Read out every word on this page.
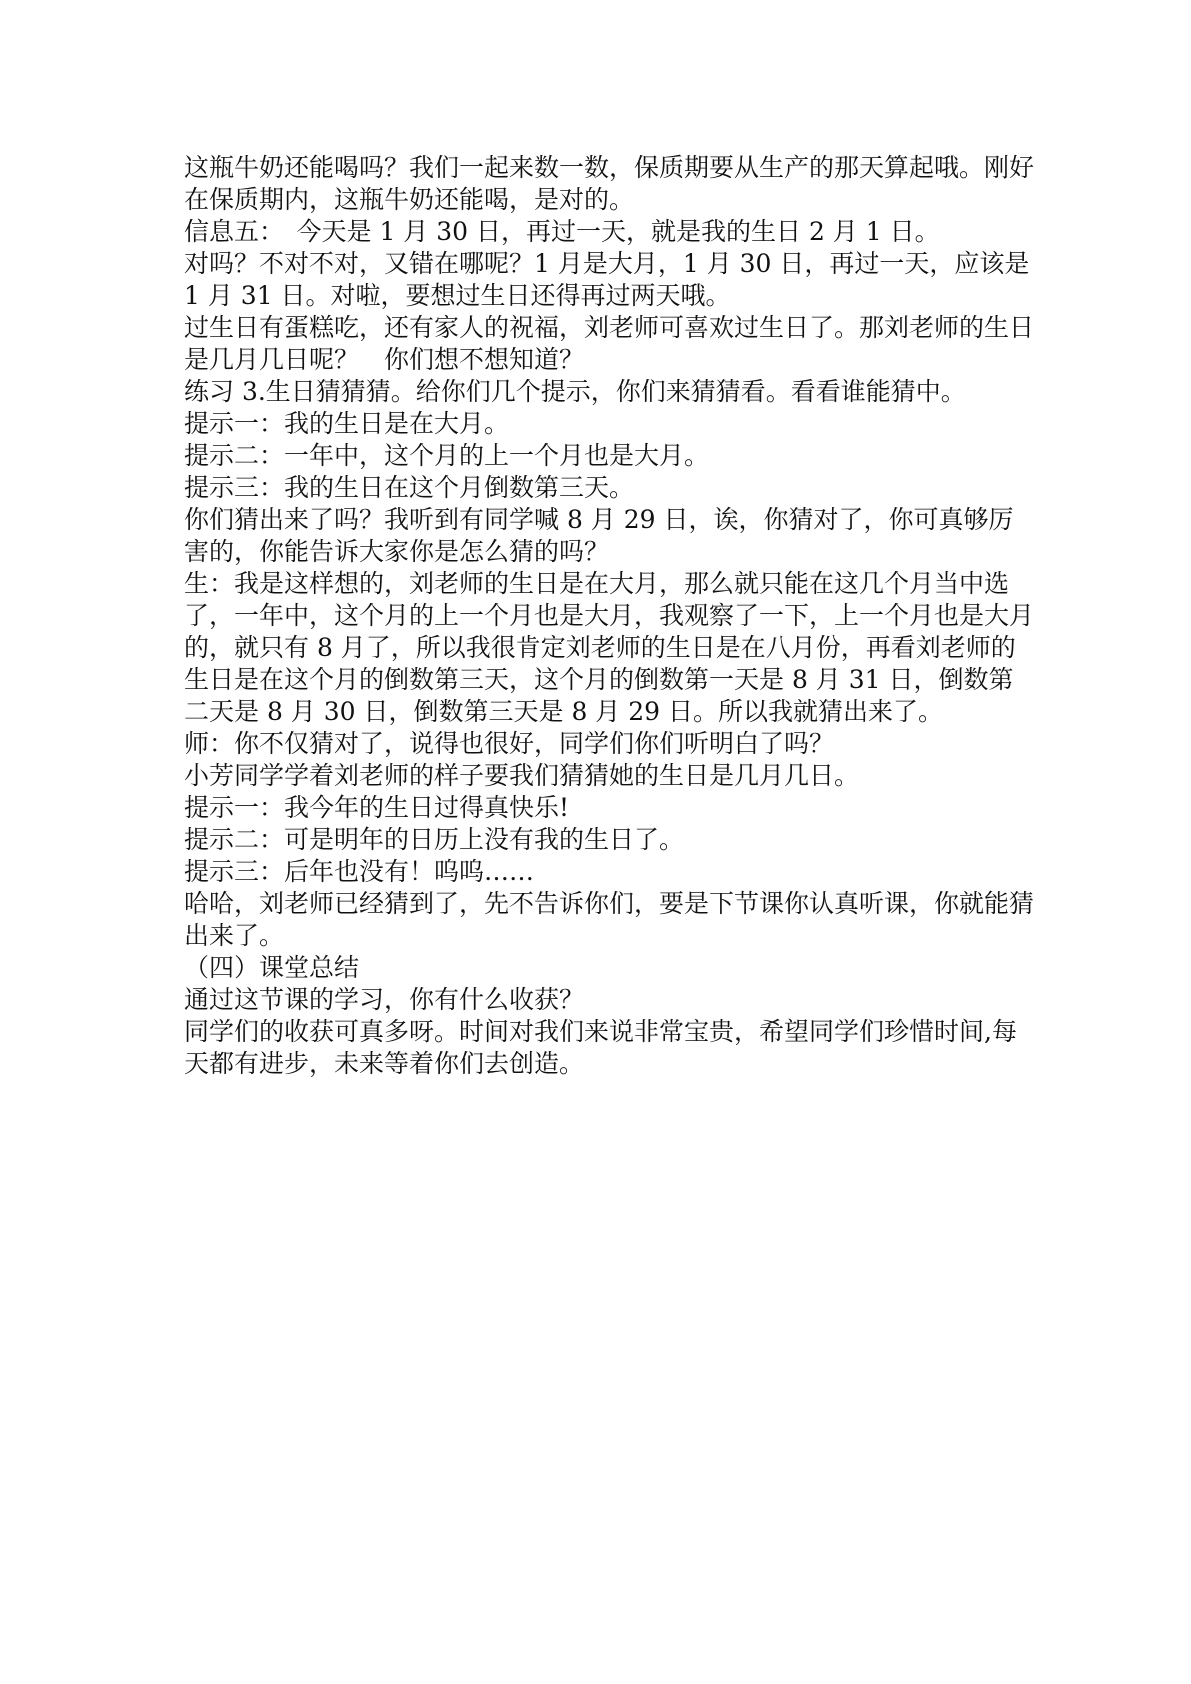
这瓶牛奶还能喝吗？我们一起来数一数，保质期要从生产的那天算起哦。刚好在保质期内，这瓶牛奶还能喝，是对的。

信息五：　今天是 1 月 30 日，再过一天，就是我的生日 2 月 1 日。

对吗？不对不对，又错在哪呢？1 月是大月，1 月 30 日，再过一天，应该是 1 月 31 日。对啦，要想过生日还得再过两天哦。

过生日有蛋糕吃，还有家人的祝福，刘老师可喜欢过生日了。那刘老师的生日是几月几日呢？　你们想不想知道？

练习 3.生日猜猜猜。给你们几个提示，你们来猜猜看。看看谁能猜中。

提示一：我的生日是在大月。

提示二：一年中，这个月的上一个月也是大月。

提示三：我的生日在这个月倒数第三天。

你们猜出来了吗？我听到有同学喊 8 月 29 日，诶，你猜对了，你可真够厉害的，你能告诉大家你是怎么猜的吗？

生：我是这样想的，刘老师的生日是在大月，那么就只能在这几个月当中选了，一年中，这个月的上一个月也是大月，我观察了一下，上一个月也是大月的，就只有 8 月了，所以我很肯定刘老师的生日是在八月份，再看刘老师的生日是在这个月的倒数第三天，这个月的倒数第一天是 8 月 31 日，倒数第二天是 8 月 30 日，倒数第三天是 8 月 29 日。所以我就猜出来了。

师：你不仅猜对了，说得也很好，同学们你们听明白了吗？

小芳同学学着刘老师的样子要我们猜猜她的生日是几月几日。

提示一：我今年的生日过得真快乐!

提示二：可是明年的日历上没有我的生日了。

提示三：后年也没有！呜呜……

哈哈，刘老师已经猜到了，先不告诉你们，要是下节课你认真听课，你就能猜出来了。

（四）课堂总结

通过这节课的学习，你有什么收获？

同学们的收获可真多呀。时间对我们来说非常宝贵，希望同学们珍惜时间,每天都有进步，未来等着你们去创造。
